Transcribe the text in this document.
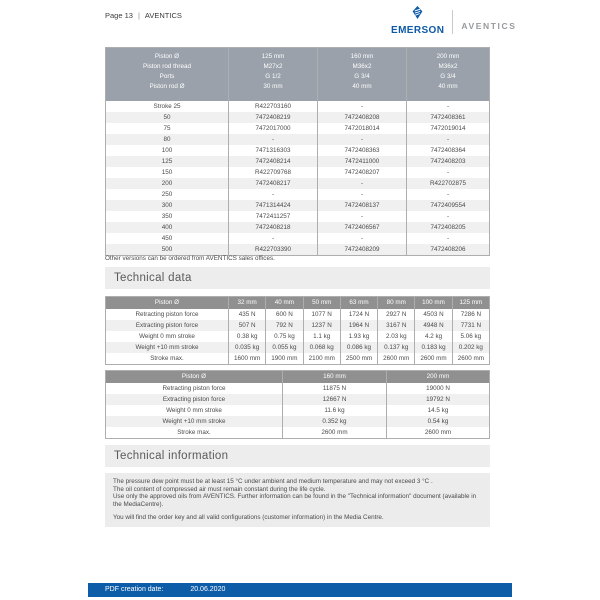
Page 13 | AVENTICS
EMERSON AVENTICS
Piston Ø	125 mm	160 mm	200 mm
Piston rod thread	M27x2	M36x2	M36x2
Ports	G 1/2	G 3/4	G 3/4
Piston rod Ø	30 mm	40 mm	40 mm
Stroke 25	R422703160	-	-
50	7472408219	7472408208	7472408361
75	7472017000	7472018014	7472019014
80	-	-	-
100	7471316303	7472408363	7472408364
125	7472408214	7472411000	7472408203
150	R422709768	7472408207	-
200	7472408217	-	R422702875
250	-	-	-
300	7471314424	7472408137	7472409554
350	7472411257	-	-
400	7472408218	7472406567	7472408205
450	-	-	-
500	R422703390	7472408209	7472408206
Other versions can be ordered from AVENTICS sales offices.
Technical data
Piston Ø	32 mm	40 mm	50 mm	63 mm	80 mm	100 mm	125 mm
Retracting piston force	435 N	600 N	1077 N	1724 N	2927 N	4503 N	7286 N
Extracting piston force	507 N	792 N	1237 N	1964 N	3167 N	4948 N	7731 N
Weight 0 mm stroke	0.38 kg	0.75 kg	1.1 kg	1.93 kg	2.03 kg	4.2 kg	5.06 kg
Weight +10 mm stroke	0.035 kg	0.055 kg	0.068 kg	0.086 kg	0.137 kg	0.183 kg	0.202 kg
Stroke max.	1600 mm	1900 mm	2100 mm	2500 mm	2600 mm	2600 mm	2600 mm
Piston Ø	160 mm	200 mm
Retracting piston force	11875 N	19000 N
Extracting piston force	12667 N	19792 N
Weight 0 mm stroke	11.6 kg	14.5 kg
Weight +10 mm stroke	0.352 kg	0.54 kg
Stroke max.	2600 mm	2600 mm
Technical information

The pressure dew point must be at least 15 °C under ambient and medium temperature and may not exceed 3 °C .

The oil content of compressed air must remain constant during the life cycle.

Use only the approved oils from AVENTICS. Further information can be found in the "Technical information" document (available in the MediaCentre).

You will find the order key and all valid configurations (customer information) in the Media Centre.

PDF creation date:	20.06.2020
